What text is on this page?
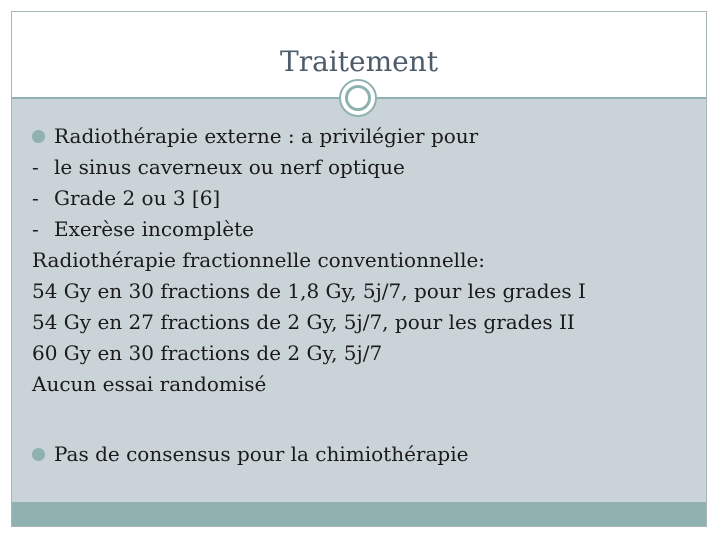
Traitement
Radiothérapie externe : a privilégier pour
- le sinus caverneux ou nerf optique
- Grade 2 ou 3 [6]
- Exerèse incomplète
Radiothérapie fractionnelle conventionnelle:
54 Gy en 30 fractions de 1,8 Gy, 5j/7, pour les grades I
54 Gy en 27 fractions de 2 Gy, 5j/7, pour les grades II
60 Gy en 30 fractions de 2 Gy, 5j/7
Aucun essai randomisé
Pas de consensus pour la chimiothérapie
